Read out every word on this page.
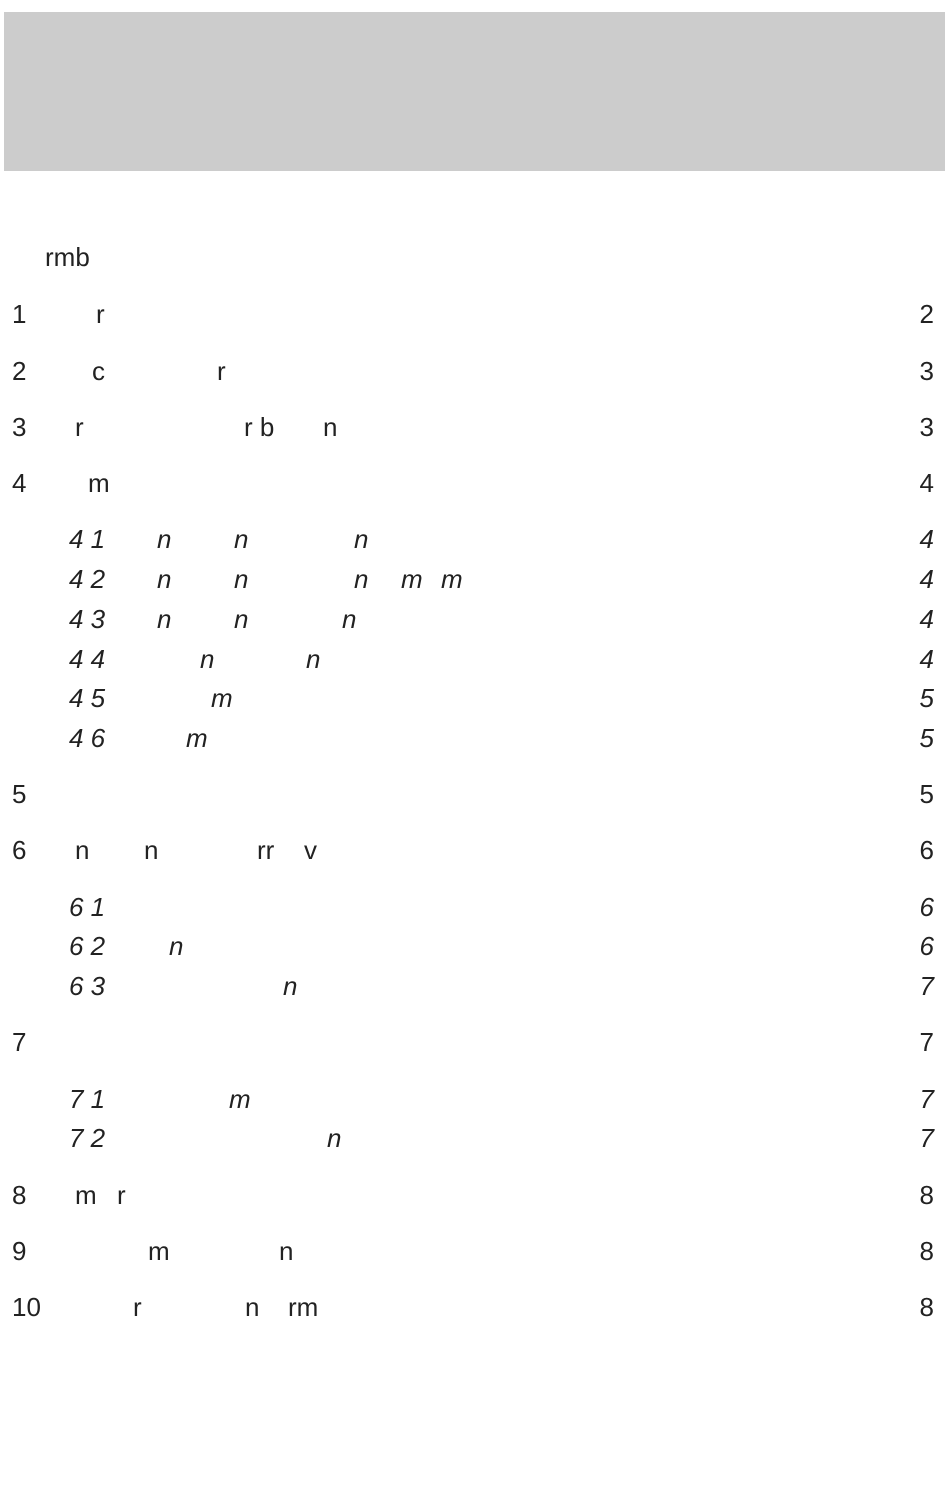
rmb
1	r	2
2	c	r	3
3 r	r b n	3
4 m	4
4 1 n n	n	4
4 2 n n	n m m	4
4 3 n n	n	4
4 4	n	n	4
4 5	m	5
4 6	m	5
5	5
6 n n	rr v	6
6 1	6
6 2 n	6
6 3	n	7
7	7
7 1	m	7
7 2	n	7
8 m r	8
9	m	n	8
10	r	n rm	8
